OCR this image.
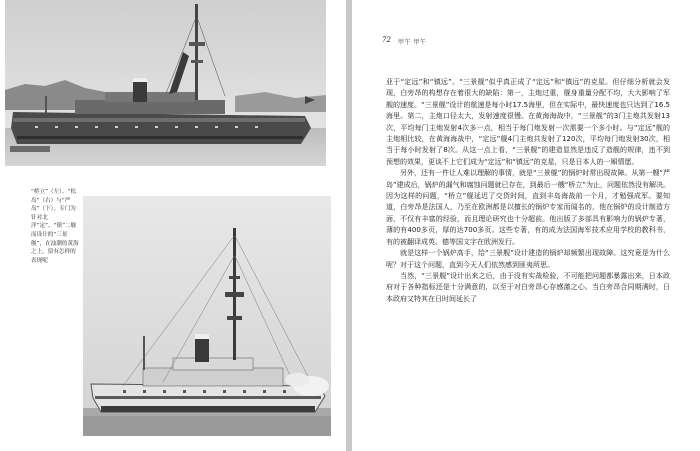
“桥立”（左）、“松岛”（右）与“严岛”（下）。专门为针对北洋“定”、“镇”二舰而设计的“三景舰”，在浊潮的黄海之上，留有怎样的表现呢
72 甲午 甲午

亚于“定远”和“镇远”。“三景舰”似乎真正成了“定远”和“镇远”的克星。但仔细分析就会发现，白旁昂的构想存在着很大的缺陷：第一，主炮过重，舰身重量分配不均，大大影响了军舰的速度。“三景舰”设计的航速是每小时17.5海里，但在实际中，最快速度也只达到了16.5海里。第二，主炮口径太大，发射速度很慢。在黄海海战中，“三景舰”的3门主炮共发射13次，平均每门主炮发射4次多一点，相当于每门炮发射一次需要一个多小时。与“定远”舰的主炮相比较，在黄海海战中，“定远”舰4门主炮共发射了120次，平均每门炮发射30次，相当于每小时发射了8次。从这一点上看，“三景舰”的建造显然是违反了造舰的规律，违不到预想的效果，更谈不上它们成为“定远”和“镇远”的克星，只是日本人的一厢情愿。

另外，还有一件让人难以理解的事情，就是“三景舰”的锅炉时常出现故障。从第一艘“严岛”建成后，锅炉的漏气和腐蚀问题就已存在，到最后一艘“桥立”为止，问题依然没有解决。因为这样的问题，“桥立”舰延迟了交货时间，直到丰岛海战前一个月，才勉强成军。要知道，白旁昂是法国人，乃至在欧洲都是以擅长的锅炉专家而闻名的，他在锅炉的设计制造方面，不仅有丰富的经验，而且理论研究也十分超前。他出版了多部具有影响力的锅炉专著，薄的有400多页，厚的达700多页。这些专著，有的成为法国海军技术应用学校的教科书，有的被翻译成英、德等国文字在欧洲发行。

就是这样一个锅炉高手，给“三景舰”设计建造的锅炉却频繁出现故障。这究竟是为什么呢？对于这个问题，直到今天人们依然感到匪夷所思。

当然，“三景舰”设计出来之后，由于没有实战检验，不可能把问题都暴露出来，日本政府对于各种指标还是十分满意的，以至于对白旁昂心存感激之心。当白旁昂合同期满时，日本政府又特其在日时间延长了
